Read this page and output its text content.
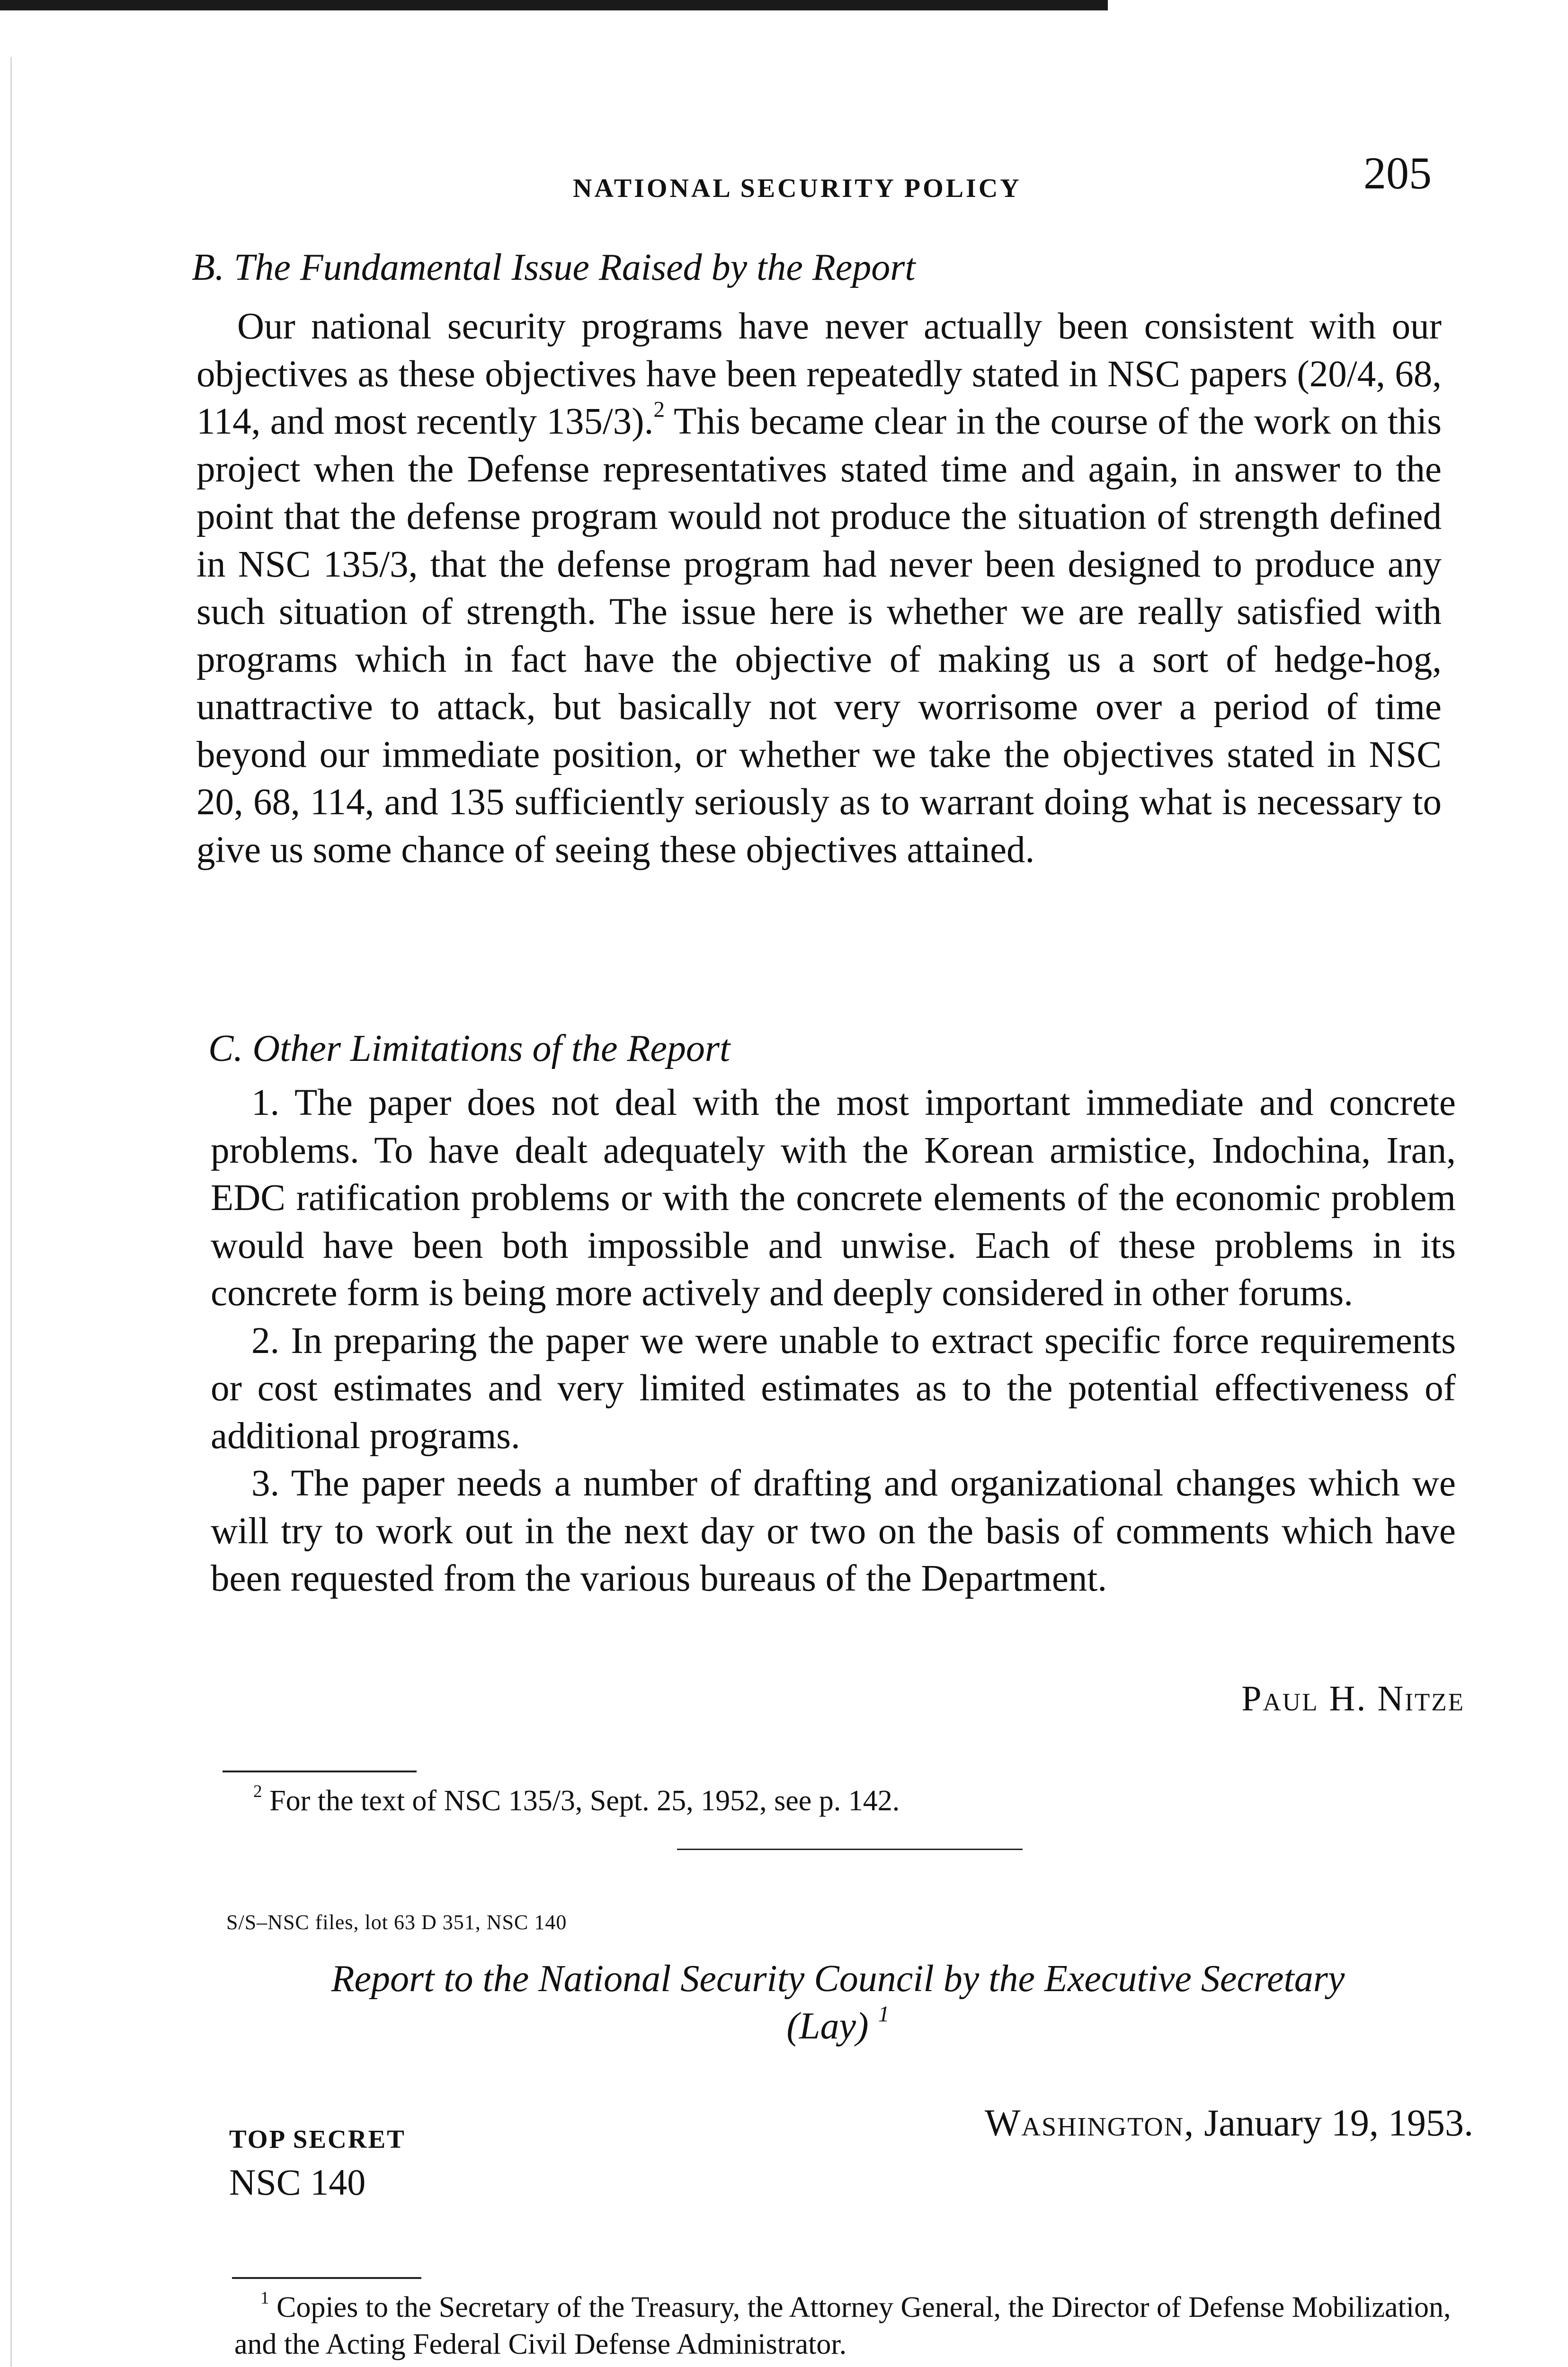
NATIONAL SECURITY POLICY	205
B. The Fundamental Issue Raised by the Report

Our national security programs have never actually been consistent with our objectives as these objectives have been repeatedly stated in NSC papers (20/4, 68, 114, and most recently 135/3).$^2$ This became clear in the course of the work on this project when the Defense representatives stated time and again, in answer to the point that the defense program would not produce the situation of strength defined in NSC 135/3, that the defense program had never been designed to produce any such situation of strength. The issue here is whether we are really satisfied with programs which in fact have the objective of making us a sort of hedge-hog, unattractive to attack, but basically not very worrisome over a period of time beyond our immediate position, or whether we take the objectives stated in NSC 20, 68, 114, and 135 sufficiently seriously as to warrant doing what is necessary to give us some chance of seeing these objectives attained.

C. Other Limitations of the Report

1. The paper does not deal with the most important immediate and concrete problems. To have dealt adequately with the Korean armistice, Indochina, Iran, EDC ratification problems or with the concrete elements of the economic problem would have been both impossible and unwise. Each of these problems in its concrete form is being more actively and deeply considered in other forums.

2. In preparing the paper we were unable to extract specific force requirements or cost estimates and very limited estimates as to the potential effectiveness of additional programs.

3. The paper needs a number of drafting and organizational changes which we will try to work out in the next day or two on the basis of comments which have been requested from the various bureaus of the Department.

Paul H. Nitze
$^2$ For the text of NSC 135/3, Sept. 25, 1952, see p. 142.
S/S–NSC files, lot 63 D 351, NSC 140
Report to the National Security Council by the Executive Secretary
(Lay) $^1$
TOP SECRET
NSC 140
Washington, January 19, 1953.
$^1$ Copies to the Secretary of the Treasury, the Attorney General, the Director of Defense Mobilization, and the Acting Federal Civil Defense Administrator.
